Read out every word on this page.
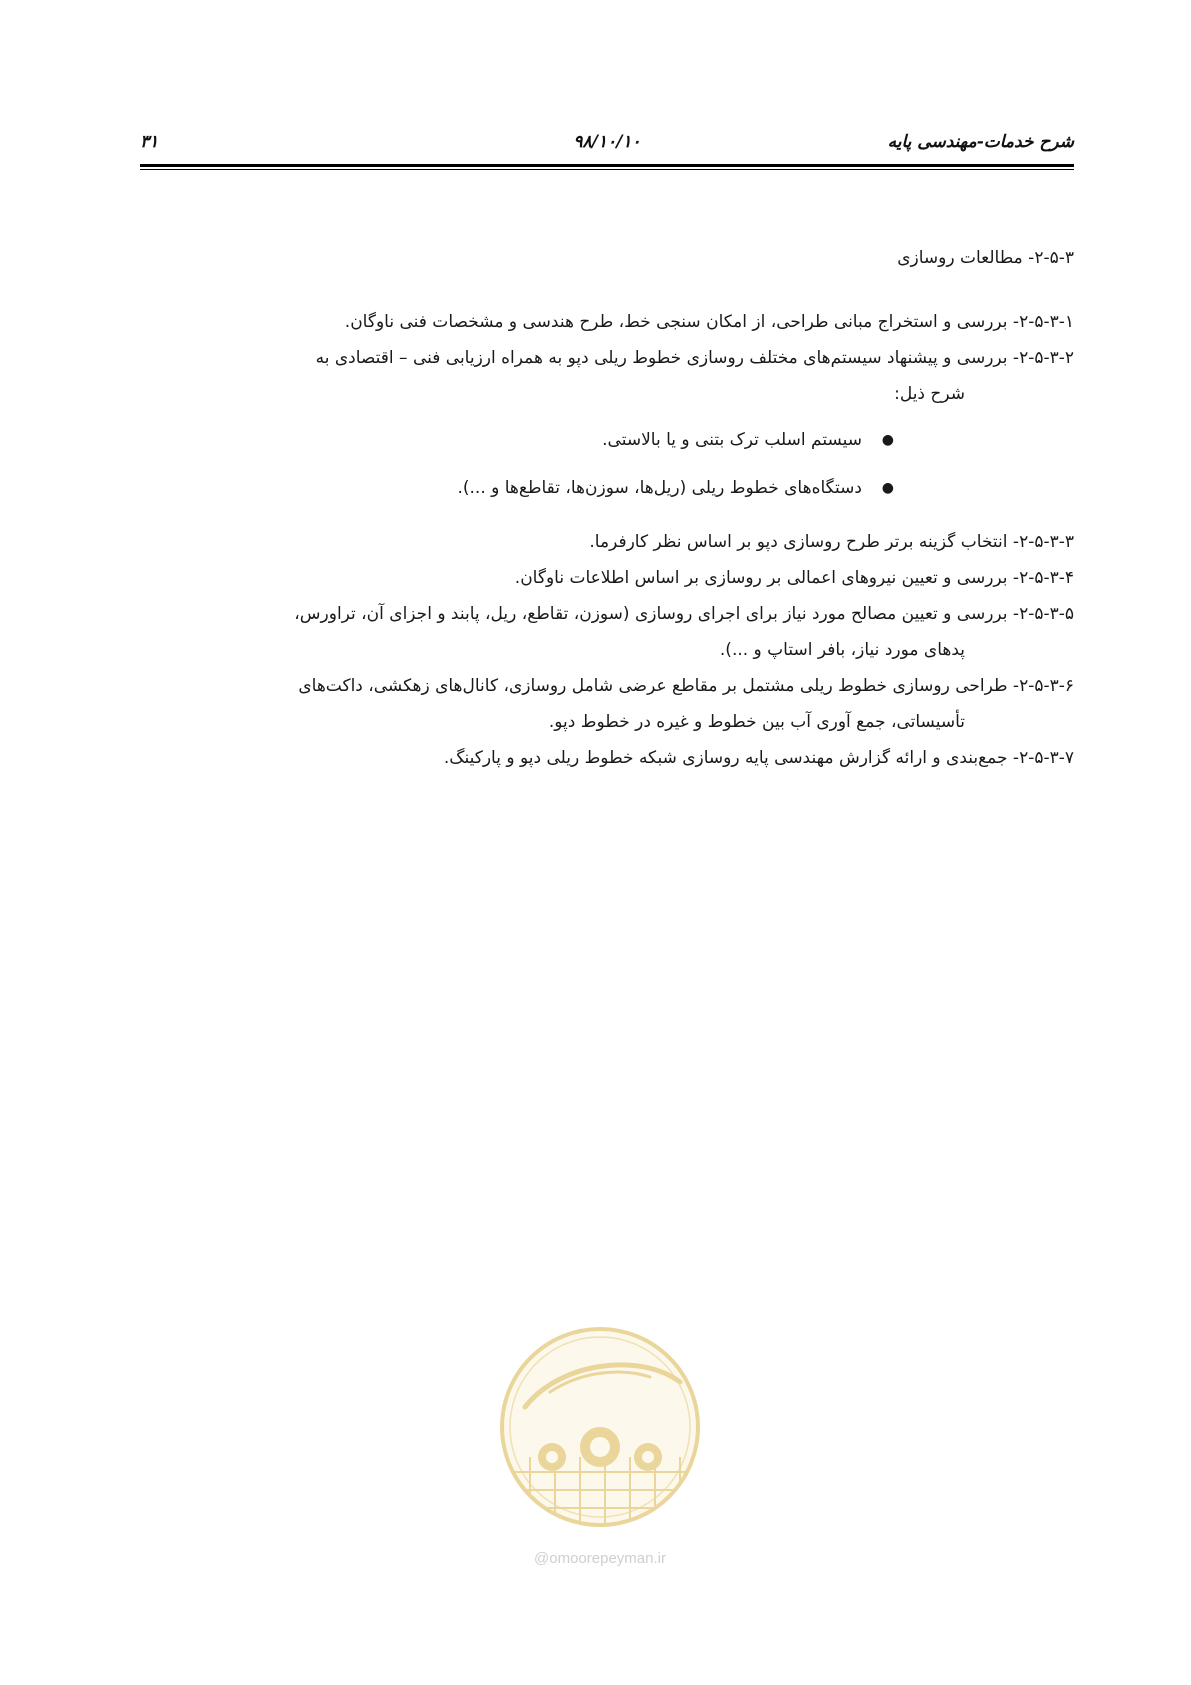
شرح خدمات-مهندسی پایه
۹۸/۱۰/۱۰
۳۱

۲-۵-۳- مطالعات روسازی

۲-۵-۳-۱- بررسی و استخراج مبانی طراحی، از امکان سنجی خط، طرح هندسی و مشخصات فنی ناوگان.

۲-۵-۳-۲- بررسی و پیشنهاد سیستم‌های مختلف روسازی خطوط ریلی دپو به همراه ارزیابی فنی – اقتصادی به
شرح ذیل:

●
سیستم اسلب ترک بتنی و یا بالاستی.
●
دستگاه‌های خطوط ریلی (ریل‌ها، سوزن‌ها، تقاطع‌ها و ...).

۲-۵-۳-۳- انتخاب گزینه برتر طرح روسازی دپو بر اساس نظر کارفرما.

۲-۵-۳-۴- بررسی و تعیین نیروهای اعمالی بر روسازی بر اساس اطلاعات ناوگان.

۲-۵-۳-۵- بررسی و تعیین مصالح مورد نیاز برای اجرای روسازی (سوزن، تقاطع، ریل، پابند و اجزای آن، تراورس،
پدهای مورد نیاز، بافر استاپ و ...).

۲-۵-۳-۶- طراحی روسازی خطوط ریلی مشتمل بر مقاطع عرضی شامل روسازی، کانال‌های زهکشی، داکت‌های
تأسیساتی، جمع آوری آب بین خطوط و غیره در خطوط دپو.

۲-۵-۳-۷- جمع‌بندی و ارائه گزارش مهندسی پایه روسازی شبکه خطوط ریلی دپو و پارکینگ.

@omoorepeyman.ir
